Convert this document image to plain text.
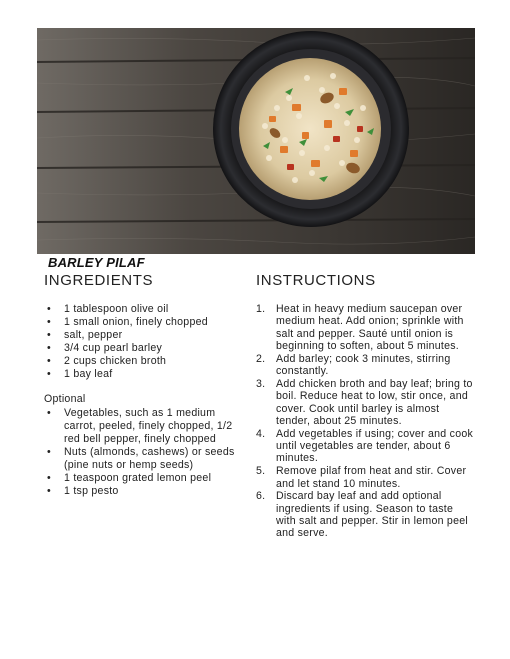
BARLEY PILAF
INGREDIENTS	INSTRUCTIONS
• 1 tablespoon olive oil
• 1 small onion, finely chopped
• salt, pepper
• 3/4 cup pearl barley
• 2 cups chicken broth
• 1 bay leaf
Optional
• Vegetables, such as 1 medium carrot, peeled, finely chopped, 1/2 red bell pepper, finely chopped
• Nuts (almonds, cashews) or seeds (pine nuts or hemp seeds)
• 1 teaspoon grated lemon peel
• 1 tsp pesto
1. Heat in heavy medium saucepan over medium heat. Add onion; sprinkle with salt and pepper. Sauté until onion is beginning to soften, about 5 minutes.
2. Add barley; cook 3 minutes, stirring constantly.
3. Add chicken broth and bay leaf; bring to boil. Reduce heat to low, stir once, and cover. Cook until barley is almost tender, about 25 minutes.
4. Add vegetables if using; cover and cook until vegetables are tender, about 6 minutes.
5. Remove pilaf from heat and stir. Cover and let stand 10 minutes.
6. Discard bay leaf and add optional ingredients if using. Season to taste with salt and pepper. Stir in lemon peel and serve.
